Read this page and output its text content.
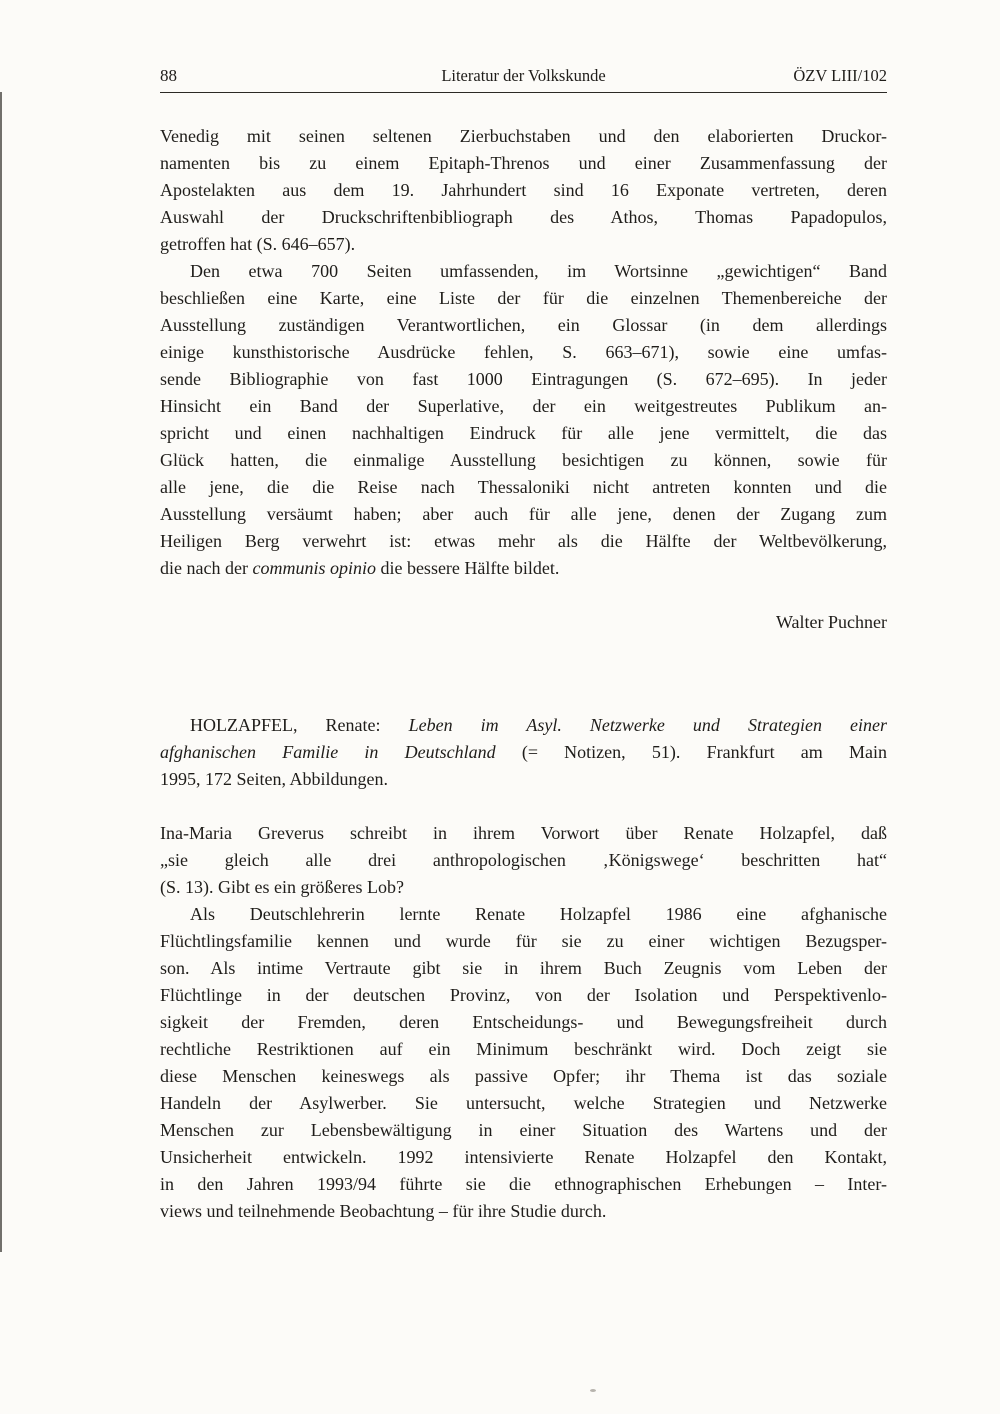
88	Literatur der Volkskunde	ÖZV LIII/102
Venedig mit seinen seltenen Zierbuchstaben und den elaborierten Druckor-
namenten bis zu einem Epitaph-Threnos und einer Zusammenfassung der
Apostelakten aus dem 19. Jahrhundert sind 16 Exponate vertreten, deren
Auswahl der Druckschriftenbibliograph des Athos, Thomas Papadopulos,
getroffen hat (S. 646–657).
Den etwa 700 Seiten umfassenden, im Wortsinne „gewichtigen“ Band
beschließen eine Karte, eine Liste der für die einzelnen Themenbereiche der
Ausstellung zuständigen Verantwortlichen, ein Glossar (in dem allerdings
einige kunsthistorische Ausdrücke fehlen, S. 663–671), sowie eine umfas-
sende Bibliographie von fast 1000 Eintragungen (S. 672–695). In jeder
Hinsicht ein Band der Superlative, der ein weitgestreutes Publikum an-
spricht und einen nachhaltigen Eindruck für alle jene vermittelt, die das
Glück hatten, die einmalige Ausstellung besichtigen zu können, sowie für
alle jene, die die Reise nach Thessaloniki nicht antreten konnten und die
Ausstellung versäumt haben; aber auch für alle jene, denen der Zugang zum
Heiligen Berg verwehrt ist: etwas mehr als die Hälfte der Weltbevölkerung,
die nach der communis opinio die bessere Hälfte bildet.
Walter Puchner
HOLZAPFEL, Renate: Leben im Asyl. Netzwerke und Strategien einer
afghanischen Familie in Deutschland (= Notizen, 51). Frankfurt am Main
1995, 172 Seiten, Abbildungen.
Ina-Maria Greverus schreibt in ihrem Vorwort über Renate Holzapfel, daß
„sie gleich alle drei anthropologischen ‚Königswege‘ beschritten hat“
(S. 13). Gibt es ein größeres Lob?
Als Deutschlehrerin lernte Renate Holzapfel 1986 eine afghanische
Flüchtlingsfamilie kennen und wurde für sie zu einer wichtigen Bezugsper-
son. Als intime Vertraute gibt sie in ihrem Buch Zeugnis vom Leben der
Flüchtlinge in der deutschen Provinz, von der Isolation und Perspektivenlo-
sigkeit der Fremden, deren Entscheidungs- und Bewegungsfreiheit durch
rechtliche Restriktionen auf ein Minimum beschränkt wird. Doch zeigt sie
diese Menschen keineswegs als passive Opfer; ihr Thema ist das soziale
Handeln der Asylwerber. Sie untersucht, welche Strategien und Netzwerke
Menschen zur Lebensbewältigung in einer Situation des Wartens und der
Unsicherheit entwickeln. 1992 intensivierte Renate Holzapfel den Kontakt,
in den Jahren 1993/94 führte sie die ethnographischen Erhebungen – Inter-
views und teilnehmende Beobachtung – für ihre Studie durch.
